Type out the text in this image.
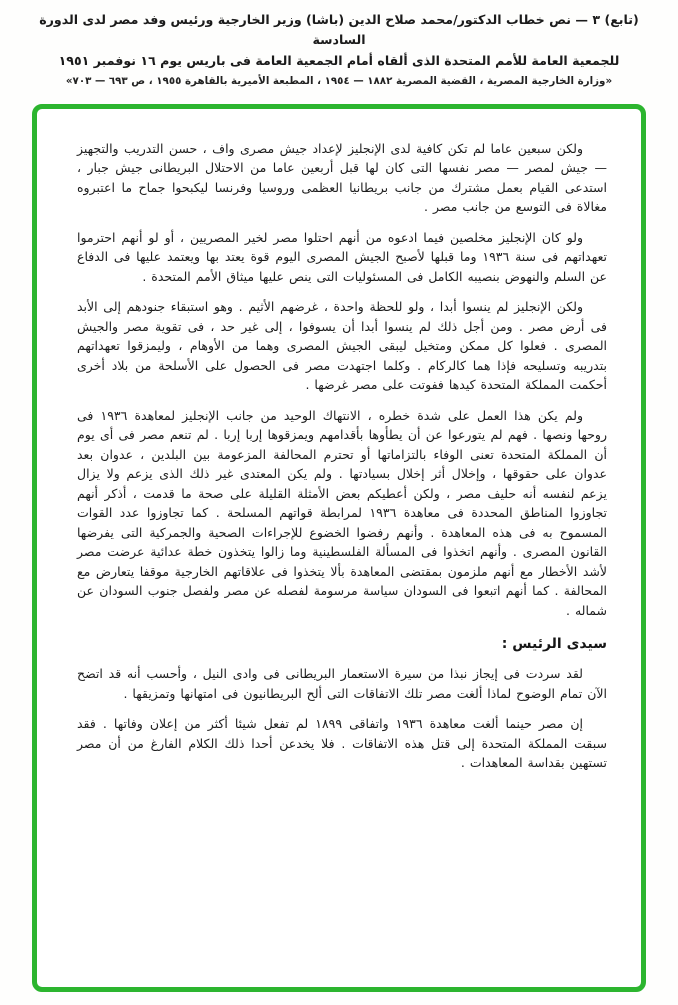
(تابع) ٣ — نص خطاب الدكتور/محمد صلاح الدين (باشا) وزير الخارجية ورئيس وفد مصر لدى الدورة السادسة
للجمعية العامة للأمم المتحدة الذى ألقاه أمام الجمعية العامة فى باريس يوم ١٦ نوفمبر ١٩٥١
«وزارة الخارجية المصرية ، القضية المصرية ١٨٨٢ — ١٩٥٤ ، المطبعة الأميرية بالقاهرة ١٩٥٥ ، ص ٦٩٣ — ٧٠٣»

ولكن سبعين عاما لم تكن كافية لدى الإنجليز لإعداد جيش مصرى واف ، حسن التدريب والتجهيز — جيش لمصر — مصر نفسها التى كان لها قبل أربعين عاما من الاحتلال البريطانى جيش جبار ، استدعى القيام بعمل مشترك من جانب بريطانيا العظمى وروسيا وفرنسا ليكبحوا جماح ما اعتبروه مغالاة فى التوسع من جانب مصر .

ولو كان الإنجليز مخلصين فيما ادعوه من أنهم احتلوا مصر لخير المصريين ، أو لو أنهم احترموا تعهداتهم فى سنة ١٩٣٦ وما قبلها لأصبح الجيش المصرى اليوم قوة يعتد بها ويعتمد عليها فى الدفاع عن السلم والنهوض بنصيبه الكامل فى المسئوليات التى ينص عليها ميثاق الأمم المتحدة .

ولكن الإنجليز لم ينسوا أبدا ، ولو للحظة واحدة ، غرضهم الأثيم . وهو استبقاء جنودهم إلى الأبد فى أرض مصر . ومن أجل ذلك لم ينسوا أبدا أن يسوفوا ، إلى غير حد ، فى تقوية مصر والجيش المصرى . فعلوا كل ممكن ومتخيل ليبقى الجيش المصرى وهما من الأوهام ، وليمزقوا تعهداتهم بتدريبه وتسليحه فإذا هما كالركام . وكلما اجتهدت مصر فى الحصول على الأسلحة من بلاد أخرى أحكمت المملكة المتحدة كيدها ففوتت على مصر غرضها .

ولم يكن هذا العمل على شدة خطره ، الانتهاك الوحيد من جانب الإنجليز لمعاهدة ١٩٣٦ فى روحها ونصها . فهم لم يتورعوا عن أن يطأوها بأقدامهم ويمزقوها إربا إربا . لم تنعم مصر فى أى يوم أن المملكة المتحدة تعنى الوفاء بالتزاماتها أو تحترم المحالفة المزعومة بين البلدين ، عدوان بعد عدوان على حقوقها ، وإخلال أثر إخلال بسيادتها . ولم يكن المعتدى غير ذلك الذى يزعم ولا يزال يزعم لنفسه أنه حليف مصر ، ولكن أعطيكم بعض الأمثلة القليلة على صحة ما قدمت ، أذكر أنهم تجاوزوا المناطق المحددة فى معاهدة ١٩٣٦ لمرابطة قواتهم المسلحة . كما تجاوزوا عدد القوات المسموح به فى هذه المعاهدة . وأنهم رفضوا الخضوع للإجراءات الصحية والجمركية التى يفرضها القانون المصرى . وأنهم اتخذوا فى المسألة الفلسطينية وما زالوا يتخذون خطة عدائية عرضت مصر لأشد الأخطار مع أنهم ملزمون بمقتضى المعاهدة بألا يتخذوا فى علاقاتهم الخارجية موقفا يتعارض مع المحالفة . كما أنهم اتبعوا فى السودان سياسة مرسومة لفصله عن مصر ولفصل جنوب السودان عن شماله .

سيدى الرئيس :

لقد سردت فى إيجاز نبذا من سيرة الاستعمار البريطانى فى وادى النيل ، وأحسب أنه قد اتضح الآن تمام الوضوح لماذا ألغت مصر تلك الاتفاقات التى ألح البريطانيون فى امتهانها وتمزيقها .

إن مصر حينما ألغت معاهدة ١٩٣٦ واتفاقى ١٨٩٩ لم تفعل شيئا أكثر من إعلان وفاتها . فقد سبقت المملكة المتحدة إلى قتل هذه الاتفاقات . فلا يخدعن أحدا ذلك الكلام الفارغ من أن مصر تستهين بقداسة المعاهدات .
